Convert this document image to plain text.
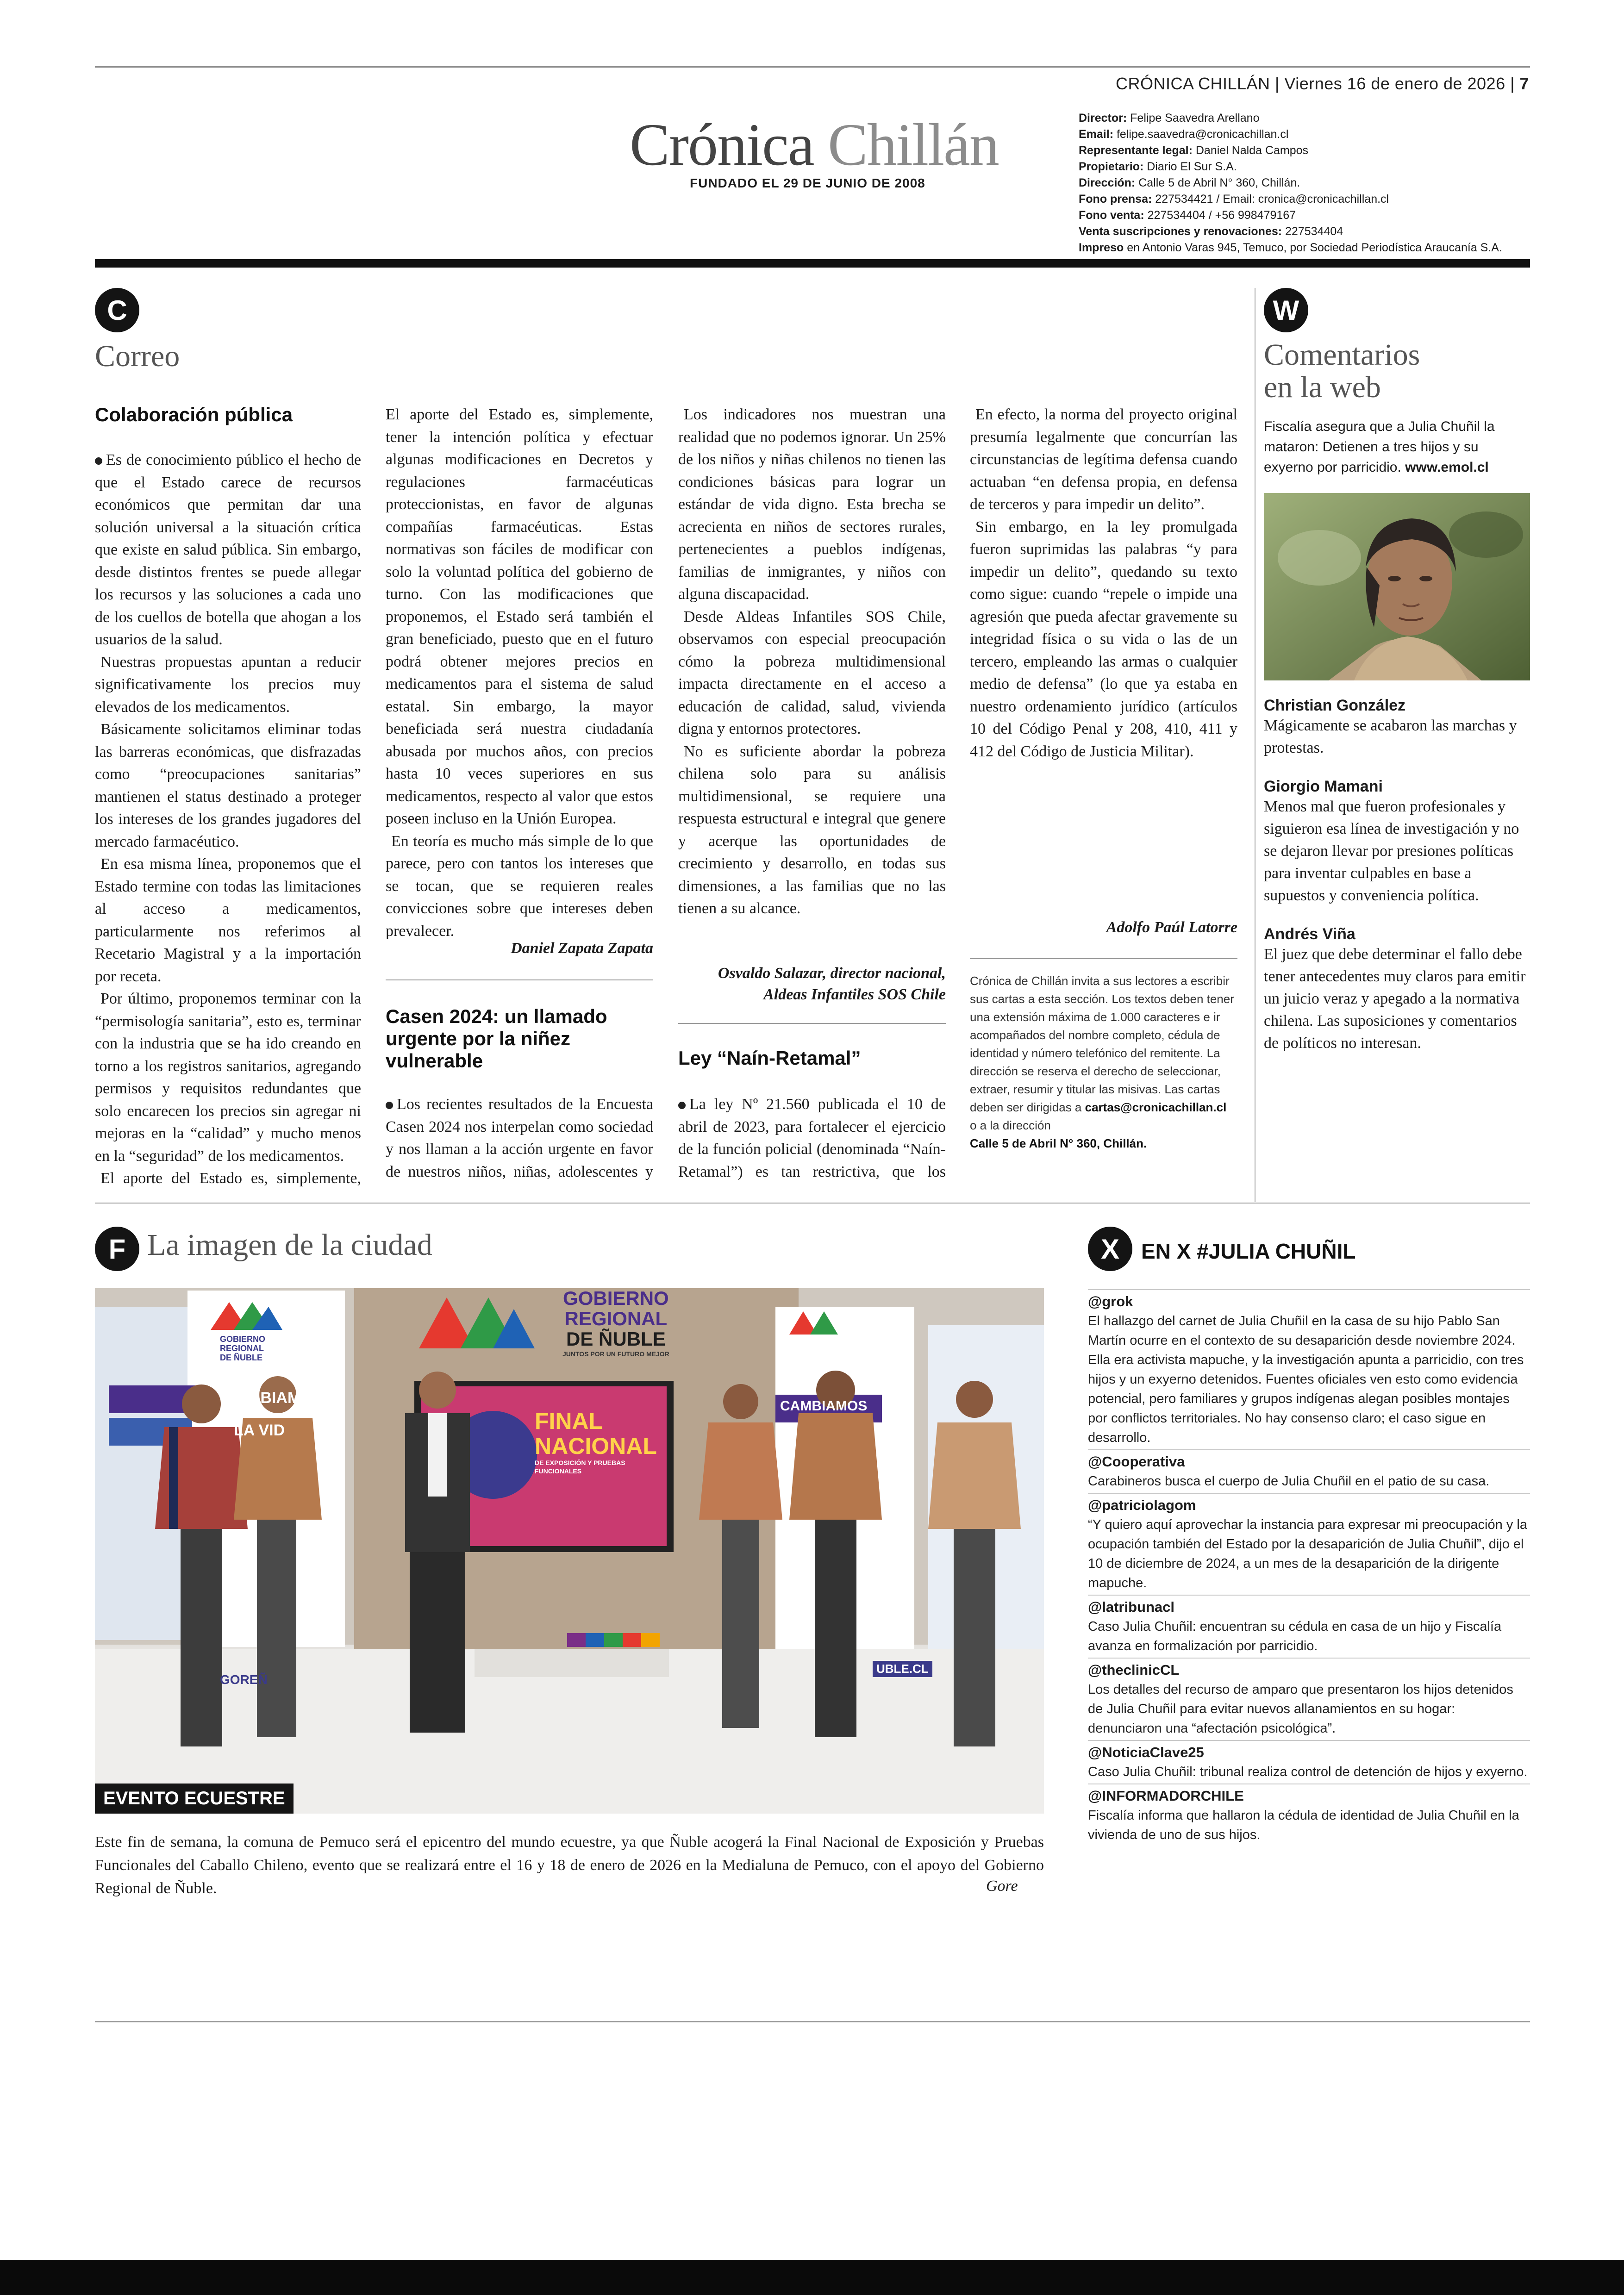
CRÓNICA CHILLÁN | Viernes 16 de enero de 2026 | 7
Crónica Chillán
FUNDADO EL 29 DE JUNIO DE 2008
Director: Felipe Saavedra Arellano
Email: felipe.saavedra@cronicachillan.cl
Representante legal: Daniel Nalda Campos
Propietario: Diario El Sur S.A.
Dirección: Calle 5 de Abril N° 360, Chillán.
Fono prensa: 227534421 / Email: cronica@cronicachillan.cl
Fono venta: 227534404 / +56 998479167
Venta suscripciones y renovaciones: 227534404
Impreso en Antonio Varas 945, Temuco, por Sociedad Periodística Araucanía S.A.
C
Correo
Colaboración pública

Es de conocimiento público el hecho de que el Estado carece de recursos económicos que permitan dar una solución universal a la situación crítica que existe en salud pública. Sin embargo, desde distintos frentes se puede allegar los recursos y las soluciones a cada uno de los cuellos de botella que ahogan a los usuarios de la salud.

Nuestras propuestas apuntan a reducir significativamente los precios muy elevados de los medicamentos.

Básicamente solicitamos eliminar todas las barreras económicas, que disfrazadas como “preocupaciones sanitarias” mantienen el status destinado a proteger los intereses de los grandes jugadores del mercado farmacéutico.

En esa misma línea, proponemos que el Estado termine con todas las limitaciones al acceso a medicamentos, particularmente nos referimos al Recetario Magistral y a la importación por receta.

Por último, proponemos terminar con la “permisología sanitaria”, esto es, terminar con la industria que se ha ido creando en torno a los registros sanitarios, agregando permisos y requisitos redundantes que solo encarecen los precios sin agregar ni mejoras en la “calidad” y mucho menos en la “seguridad” de los medicamentos.

El aporte del Estado es, simplemente,

El aporte del Estado es, simplemente, tener la intención política y efectuar algunas modificaciones en Decretos y regulaciones farmacéuticas proteccionistas, en favor de algunas compañías farmacéuticas. Estas normativas son fáciles de modificar con solo la voluntad política del gobierno de turno. Con las modificaciones que proponemos, el Estado será también el gran beneficiado, puesto que en el futuro podrá obtener mejores precios en medicamentos para el sistema de salud estatal. Sin embargo, la mayor beneficiada será nuestra ciudadanía abusada por muchos años, con precios hasta 10 veces superiores en sus medicamentos, respecto al valor que estos poseen incluso en la Unión Europea.

En teoría es mucho más simple de lo que parece, pero con tantos los intereses que se tocan, que se requieren reales convicciones sobre que intereses deben prevalecer.

Daniel Zapata Zapata
Casen 2024: un llamado urgente por la niñez vulnerable

Los recientes resultados de la Encuesta Casen 2024 nos interpelan como sociedad y nos llaman a la acción urgente en favor de nuestros niños, niñas, adolescentes y

Los indicadores nos muestran una realidad que no podemos ignorar. Un 25% de los niños y niñas chilenos no tienen las condiciones básicas para lograr un estándar de vida digno. Esta brecha se acrecienta en niños de sectores rurales, pertenecientes a pueblos indígenas, familias de inmigrantes, y niños con alguna discapacidad.

Desde Aldeas Infantiles SOS Chile, observamos con especial preocupación cómo la pobreza multidimensional impacta directamente en el acceso a educación de calidad, salud, vivienda digna y entornos protectores.

No es suficiente abordar la pobreza chilena solo para su análisis multidimensional, se requiere una respuesta estructural e integral que genere y acerque las oportunidades de crecimiento y desarrollo, en todas sus dimensiones, a las familias que no las tienen a su alcance.

Osvaldo Salazar, director nacional,
Aldeas Infantiles SOS Chile
Ley “Naín-Retamal”

La ley Nº 21.560 publicada el 10 de abril de 2023, para fortalecer el ejercicio de la función policial (denominada “Naín-Retamal”) es tan restrictiva, que los

En efecto, la norma del proyecto original presumía legalmente que concurrían las circunstancias de legítima defensa cuando actuaban “en defensa propia, en defensa de terceros y para impedir un delito”.

Sin embargo, en la ley promulgada fueron suprimidas las palabras “y para impedir un delito”, quedando su texto como sigue: cuando “repele o impide una agresión que pueda afectar gravemente su integridad física o su vida o las de un tercero, empleando las armas o cualquier medio de defensa” (lo que ya estaba en nuestro ordenamiento jurídico (artículos 10 del Código Penal y 208, 410, 411 y 412 del Código de Justicia Militar).

Adolfo Paúl Latorre
Crónica de Chillán invita a sus lectores a escribir sus cartas a esta sección. Los textos deben tener una extensión máxima de 1.000 caracteres e ir acompañados del nombre completo, cédula de identidad y número telefónico del remitente. La dirección se reserva el derecho de seleccionar, extraer, resumir y titular las misivas. Las cartas deben ser dirigidas a cartas@cronicachillan.cl
o a la dirección
Calle 5 de Abril N° 360, Chillán.
W
Comentarios
en la web
Fiscalía asegura que a Julia Chuñil la mataron: Detienen a tres hijos y su exyerno por parricidio. www.emol.cl
Christian González
Mágicamente se acabaron las marchas y protestas.
Giorgio Mamani
Menos mal que fueron profesionales y siguieron esa línea de investigación y no se dejaron llevar por presiones políticas para inventar culpables en base a supuestos y conveniencia política.
Andrés Viña
El juez que debe determinar el fallo debe tener antecedentes muy claros para emitir un juicio veraz y apegado a la normativa chilena. Las suposiciones y comentarios de políticos no interesan.
F La imagen de la ciudad
GOBIERNO
REGIONAL
DE ÑUBLE
JUNTOS POR UN FUTURO MEJOR
FINAL
NACIONAL
DE EXPOSICIÓN Y PRUEBAS FUNCIONALES
GOBIERNO
REGIONAL
DE ÑUBLE
CAMBIAM
LA VID
CAMBIAMOS
GOREÑ
UBLE.CL
EVENTO ECUESTRE
Este fin de semana, la comuna de Pemuco será el epicentro del mundo ecuestre, ya que Ñuble acogerá la Final Nacional de Exposición y Pruebas Funcionales del Caballo Chileno, evento que se realizará entre el 16 y 18 de enero de 2026 en la Medialuna de Pemuco, con el apoyo del Gobierno Regional de Ñuble.	Gore
X	EN X #JULIA CHUÑIL
@grok
El hallazgo del carnet de Julia Chuñil en la casa de su hijo Pablo San Martín ocurre en el contexto de su desaparición desde noviembre 2024. Ella era activista mapuche, y la investigación apunta a parricidio, con tres hijos y un exyerno detenidos. Fuentes oficiales ven esto como evidencia potencial, pero familiares y grupos indígenas alegan posibles montajes por conflictos territoriales. No hay consenso claro; el caso sigue en desarrollo.
@Cooperativa
Carabineros busca el cuerpo de Julia Chuñil en el patio de su casa.
@patriciolagom
“Y quiero aquí aprovechar la instancia para expresar mi preocupación y la ocupación también del Estado por la desaparición de Julia Chuñil”, dijo el 10 de diciembre de 2024, a un mes de la desaparición de la dirigente mapuche.
@latribunacl
Caso Julia Chuñil: encuentran su cédula en casa de un hijo y Fiscalía avanza en formalización por parricidio.
@theclinicCL
Los detalles del recurso de amparo que presentaron los hijos detenidos de Julia Chuñil para evitar nuevos allanamientos en su hogar: denunciaron una “afectación psicológica”.
@NoticiaClave25
Caso Julia Chuñil: tribunal realiza control de detención de hijos y exyerno.
@INFORMADORCHILE
Fiscalía informa que hallaron la cédula de identidad de Julia Chuñil en la vivienda de uno de sus hijos.
